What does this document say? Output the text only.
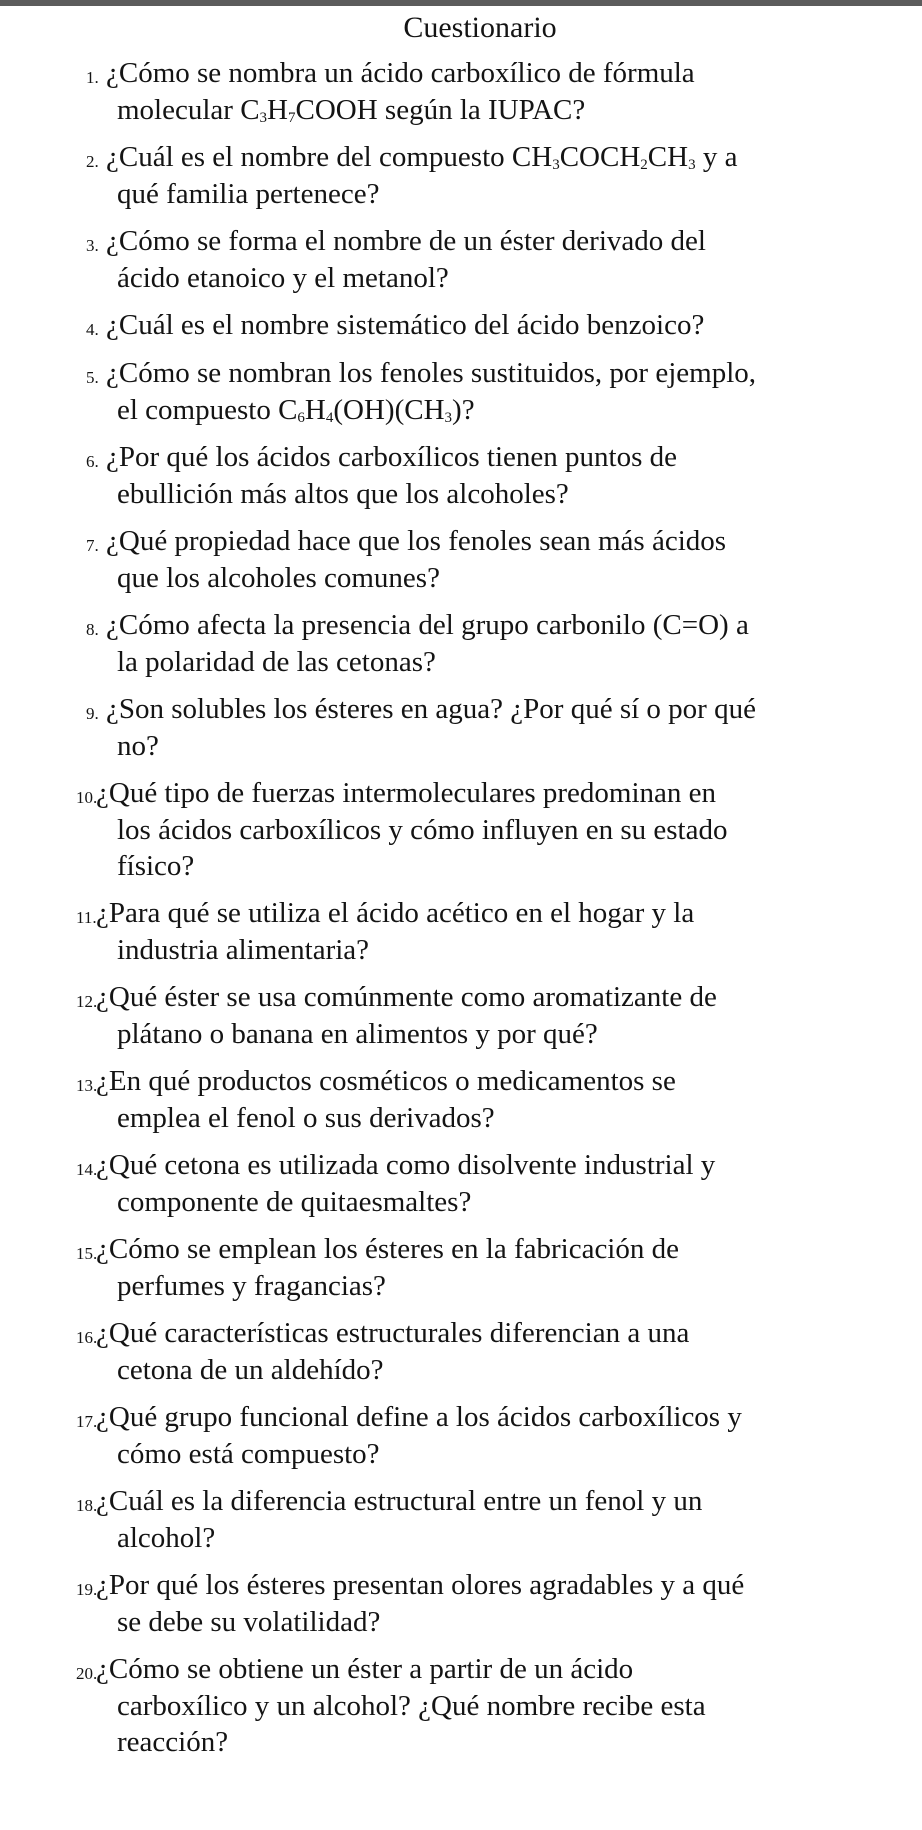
Cuestionario
1. ¿Cómo se nombra un ácido carboxílico de fórmula
molecular $C_3H_7COOH$ según la IUPAC?
2. ¿Cuál es el nombre del compuesto $CH_3COCH_2CH_3$ y a
qué familia pertenece?
3. ¿Cómo se forma el nombre de un éster derivado del
ácido etanoico y el metanol?
4. ¿Cuál es el nombre sistemático del ácido benzoico?
5. ¿Cómo se nombran los fenoles sustituidos, por ejemplo,
el compuesto $C_6H_4(OH)(CH_3)$?
6. ¿Por qué los ácidos carboxílicos tienen puntos de
ebullición más altos que los alcoholes?
7. ¿Qué propiedad hace que los fenoles sean más ácidos
que los alcoholes comunes?
8. ¿Cómo afecta la presencia del grupo carbonilo (C=O) a
la polaridad de las cetonas?
9. ¿Son solubles los ésteres en agua? ¿Por qué sí o por qué
no?
10.
¿Qué tipo de fuerzas intermoleculares predominan en
los ácidos carboxílicos y cómo influyen en su estado
físico?
11. ¿Para qué se utiliza el ácido acético en el hogar y la
industria alimentaria?
12.
¿Qué éster se usa comúnmente como aromatizante de
plátano o banana en alimentos y por qué?
13.
¿En qué productos cosméticos o medicamentos se
emplea el fenol o sus derivados?
14.
¿Qué cetona es utilizada como disolvente industrial y
componente de quitaesmaltes?
15.
¿Cómo se emplean los ésteres en la fabricación de
perfumes y fragancias?
16.
¿Qué características estructurales diferencian a una
cetona de un aldehído?
17.
¿Qué grupo funcional define a los ácidos carboxílicos y
cómo está compuesto?
18.
¿Cuál es la diferencia estructural entre un fenol y un
alcohol?
19.
¿Por qué los ésteres presentan olores agradables y a qué
se debe su volatilidad?
20.
¿Cómo se obtiene un éster a partir de un ácido
carboxílico y un alcohol? ¿Qué nombre recibe esta
reacción?
